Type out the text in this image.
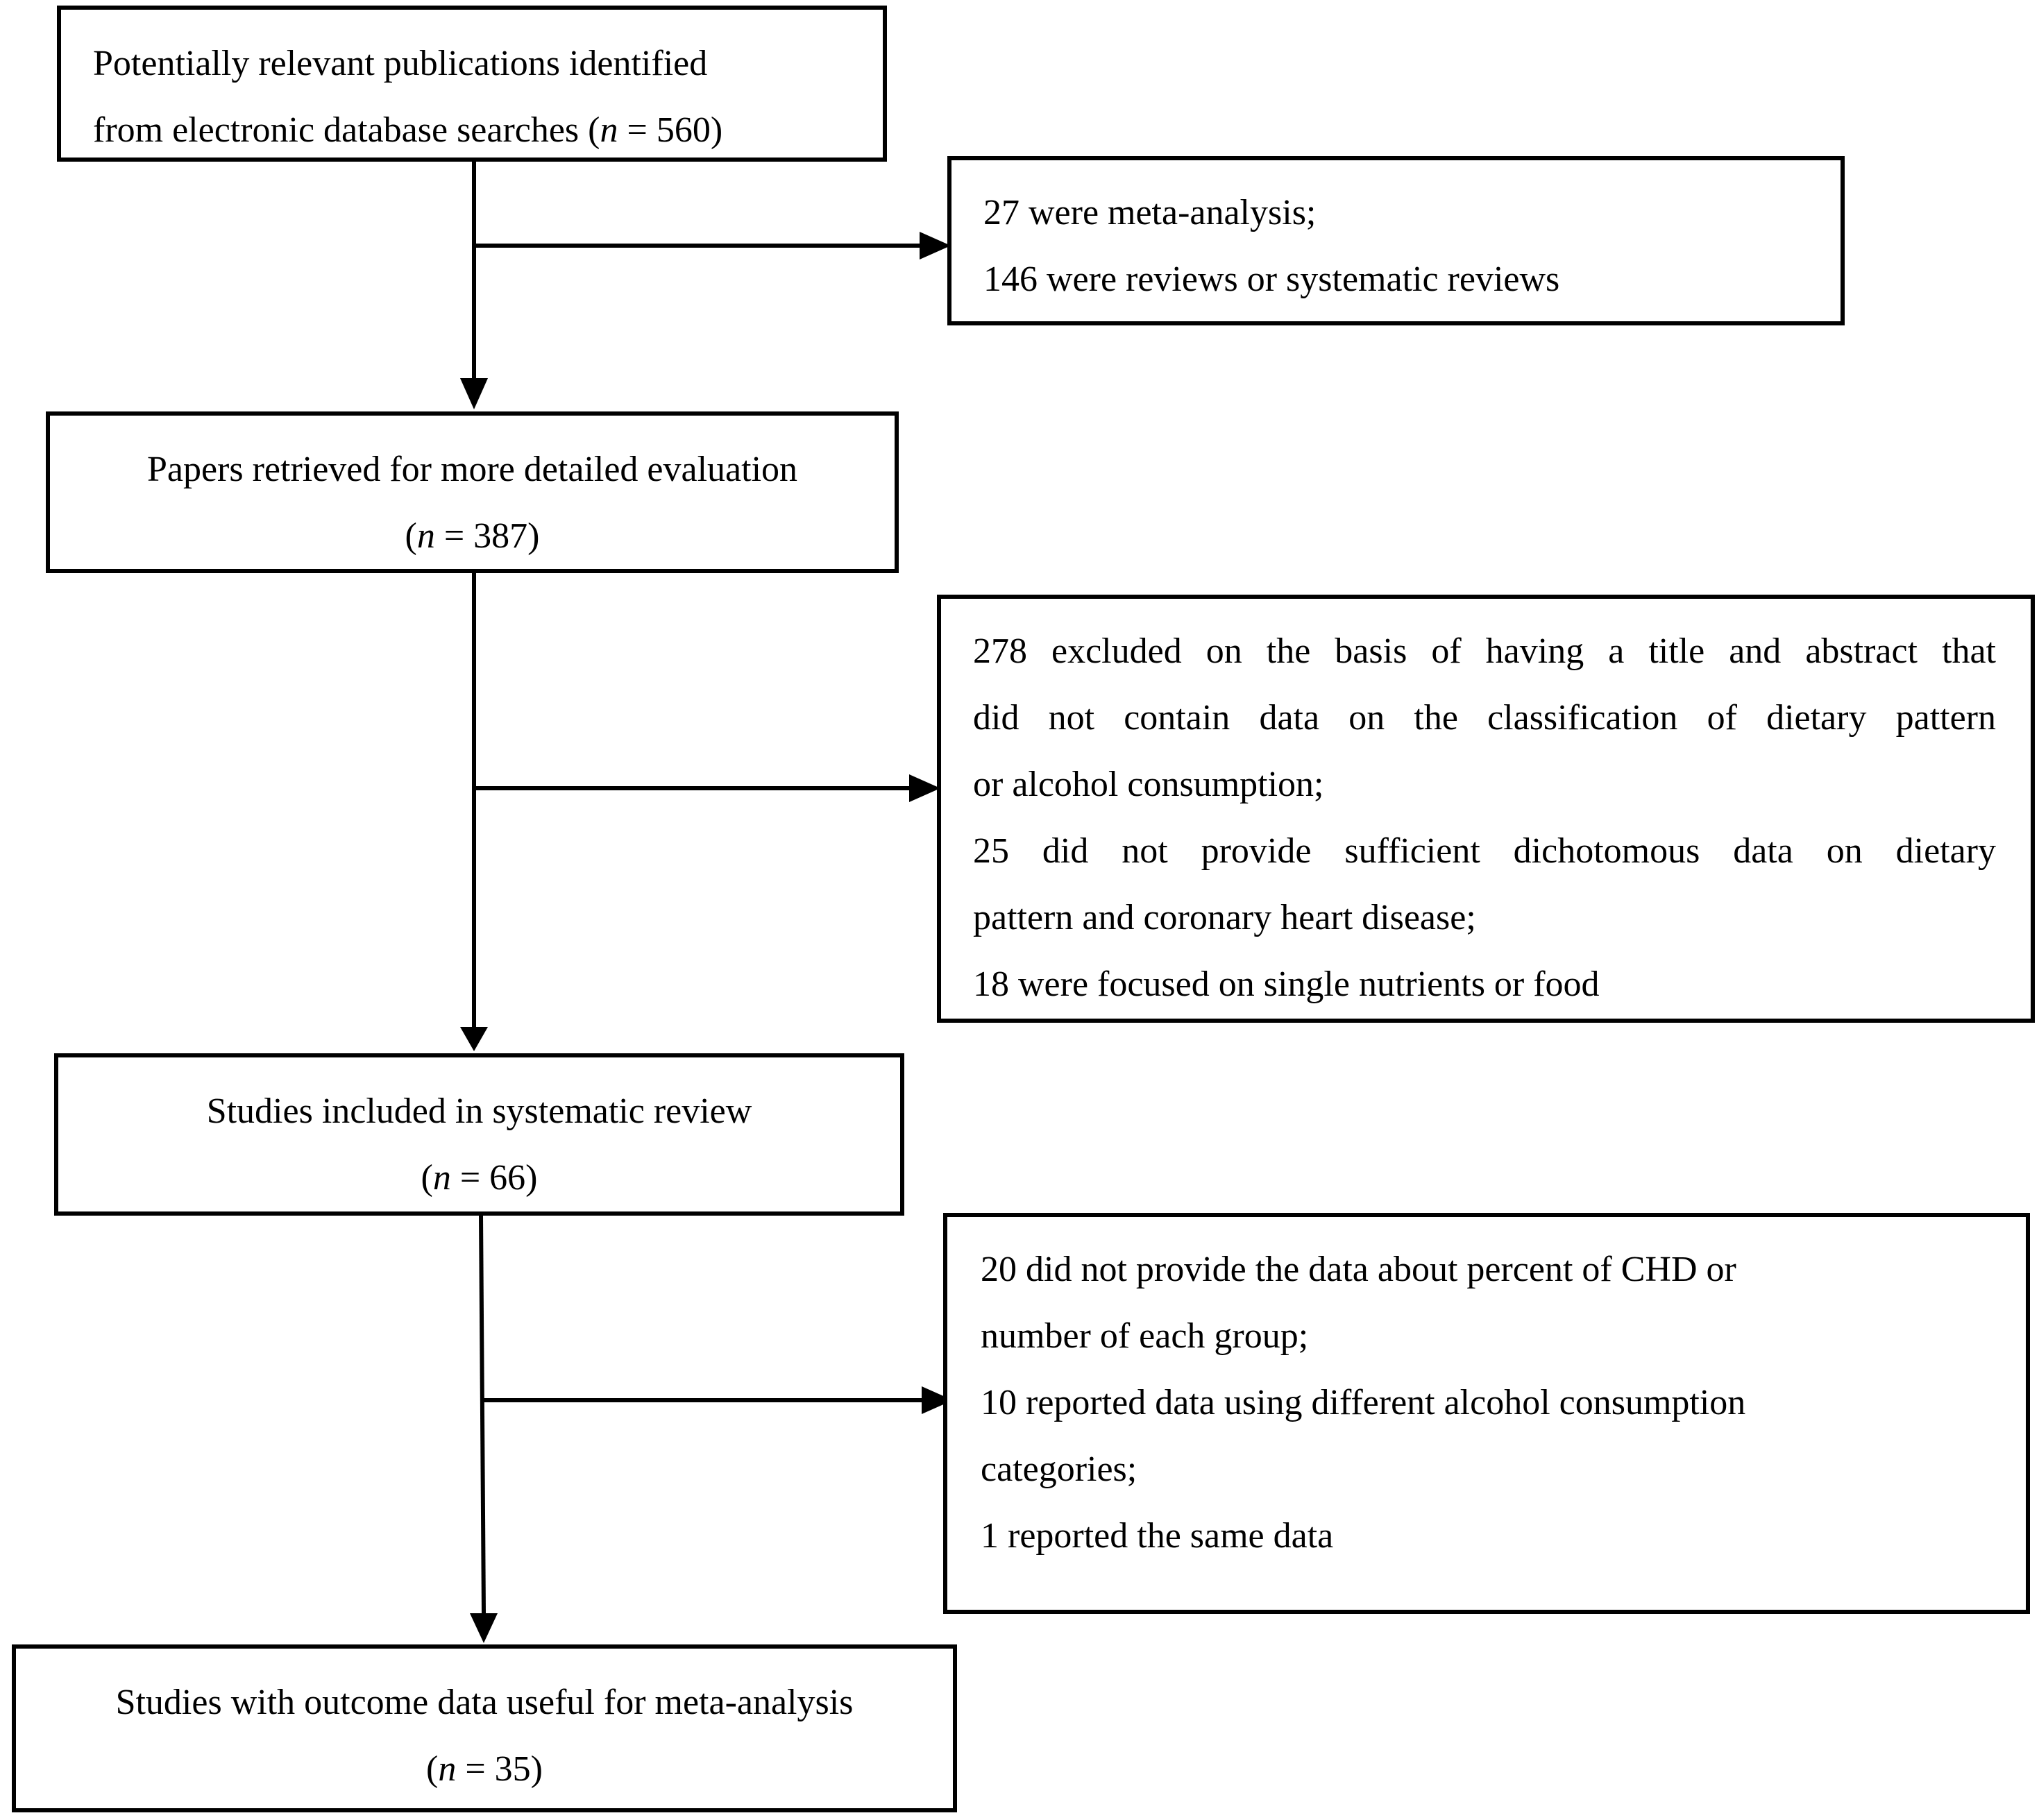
Potentially relevant publications identified
from electronic database searches (n = 560)
Papers retrieved for more detailed evaluation
(n = 387)
Studies included in systematic review
(n = 66)
Studies with outcome data useful for meta-analysis
(n = 35)
27 were meta-analysis;
146 were reviews or systematic reviews
278 excluded on the basis of having a title and abstract that
did not contain data on the classification of dietary pattern
or alcohol consumption;
25 did not provide sufficient dichotomous data on dietary
pattern and coronary heart disease;
18 were focused on single nutrients or food
20 did not provide the data about percent of CHD or
number of each group;
10 reported data using different alcohol consumption
categories;
1 reported the same data
